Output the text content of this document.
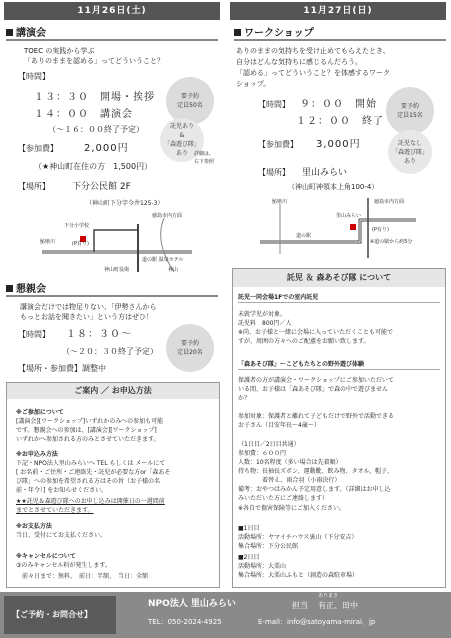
11月26日(土)	11月27日(日)
講演会
TOEC の実践から学ぶ
「ありのままを認める」ってどういうこと？
【時間】
１３：３０　開場・挨拶
１４：００　講演会
（〜１６：００終了予定）
【参加費】	2,000円
（★神山町在住の方　1,500円）
【場所】 下分公民館 2F
（神山町下分字今井125-3）
要予約
定員50名
託児あり
&
「森遊び隊」
あり 詳細は、
右下参照
鮎喰川
下分小学校
(P有り)
徳島市内方面
道の駅 温泉ホテル
神山町役場	神山
懇親会
講演会だけでは物足りない、「伊勢さんから
もっとお話を聞きたい」という方はぜひ！
【時間】 １８：３０〜
（〜２０：３０終了予定）
【場所・参加費】調整中
要予約
定員20名
ご案内 ／ お申込方法
※ご参加について
[講演会][ワークショップ]いずれかのみへの参加も可能
です。懇親会への参加は、[講演会][ワークショップ]
いずれかへ参加される方のみとさせていただきます。
※お申込み方法
下記・NPO法人里山みらいへ TEL もしくは メールにて
[ お名前・ご住所・ご連絡先・託児が必要な方or「森あそ
び隊」への参加を希望される方はその旨（お子様の名
前・年令）] をお知らせください。
★★託児＆森遊び隊へのお申し込みは開催日の一週間前
までとさせていただきます。
※お支払方法
当日、受付にてお支払ください。
※キャンセルについて
③のみキャンセル料が発生します。
前々日まで：無料、　前日：半額、　当日：全額
ワークショップ
ありのままの気持ちを受け止めてもらえたとき、
自分はどんな気持ちに感じるんだろう。
「認める」ってどういうこと？を体感するワーク
ショップ。
【時間】 ９：００　開始
１２：００　終了
【参加費】 3,000円
【場所】 里山みらい
（神山町神領本上角100-4）
要予約
定員15名
託児なし
「森遊び隊」
あり
鮎喰川	徳島市内方面
道の駅
里山みらい
(P有り)
※道の駅から約5分
託児 ＆ 森あそび隊 について
託児一同会場1Fでの室内託児
未就学児が対象。
託児料　800円／人
※尚、お子様と一緒に会場に入っていただくことも可能で
すが、周囲の方々へのご配慮をお願い致します。
「森あそび隊」〜こどもたちとの野外遊び体験
保護者の方が講演会・ワークショップにご参加いただいて
いる間、お子様は「森あそび隊」で森の中で遊びません
か？
参加対象：保護者と離れて子どもだけで野外で活動できる
お子さん（目安年長〜4歳〜）
（1日目／2日目共通）
参加費：６００円
人数：10名程度（多い場合は先着順）
持ち物：長袖長ズボン、運動靴、飲み物、タオル、帽子、
着替え、雨合羽（小雨決行）
備考：おやつはみかん予定用意します。（詳細はお申し込
みいただいた方にご連絡します）
※各自で傷害保険等にご加入ください。
■1日目
活動場所：ヤマイチハウス裏山（下分安吉）
集合場所：下分公民館
■2日目
活動場所：大栗山
集合場所：大栗山ふもと（創造の森駐車場）
【ご予約・お問合せ】
NPO法人 里山みらい	担当
ありまさ
有正、田中
TEL：050-2024-4925	E-mail：info@satoyama-mirai．jp
